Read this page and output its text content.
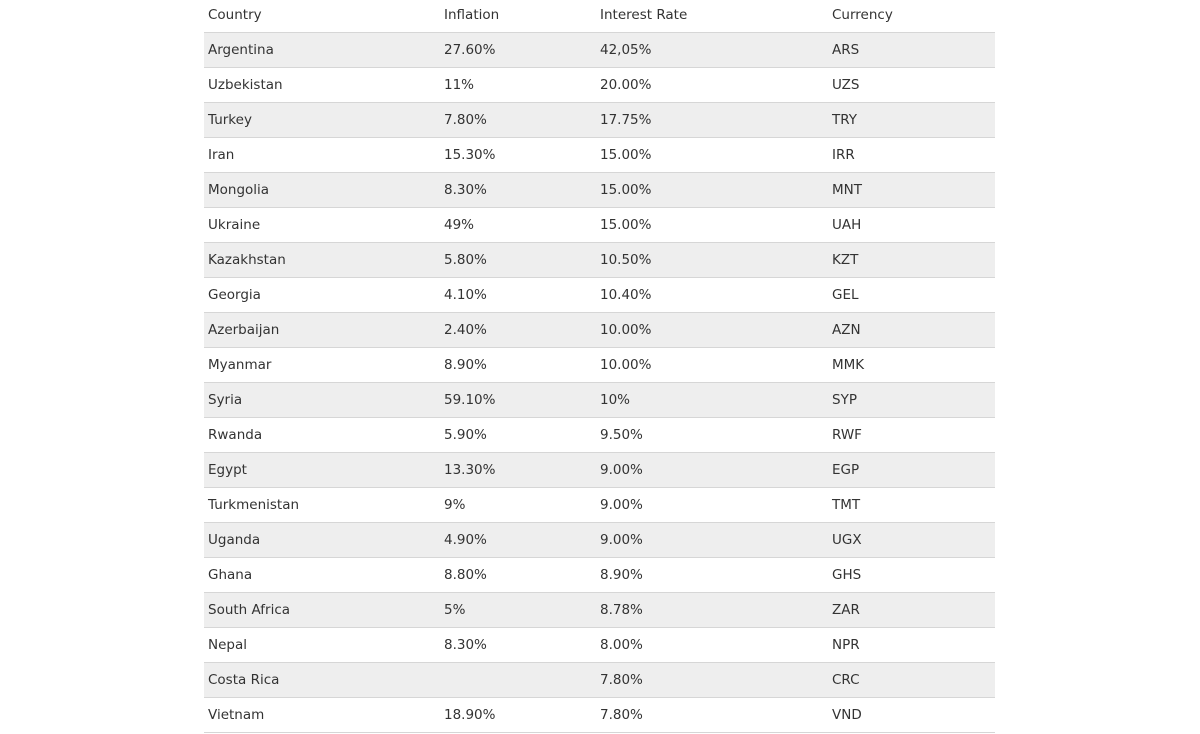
Country	Inflation	Interest Rate	Currency
Argentina	27.60%	42,05%	ARS
Uzbekistan	11%	20.00%	UZS
Turkey	7.80%	17.75%	TRY
Iran	15.30%	15.00%	IRR
Mongolia	8.30%	15.00%	MNT
Ukraine	49%	15.00%	UAH
Kazakhstan	5.80%	10.50%	KZT
Georgia	4.10%	10.40%	GEL
Azerbaijan	2.40%	10.00%	AZN
Myanmar	8.90%	10.00%	MMK
Syria	59.10%	10%	SYP
Rwanda	5.90%	9.50%	RWF
Egypt	13.30%	9.00%	EGP
Turkmenistan	9%	9.00%	TMT
Uganda	4.90%	9.00%	UGX
Ghana	8.80%	8.90%	GHS
South Africa	5%	8.78%	ZAR
Nepal	8.30%	8.00%	NPR
Costa Rica		7.80%	CRC
Vietnam	18.90%	7.80%	VND
